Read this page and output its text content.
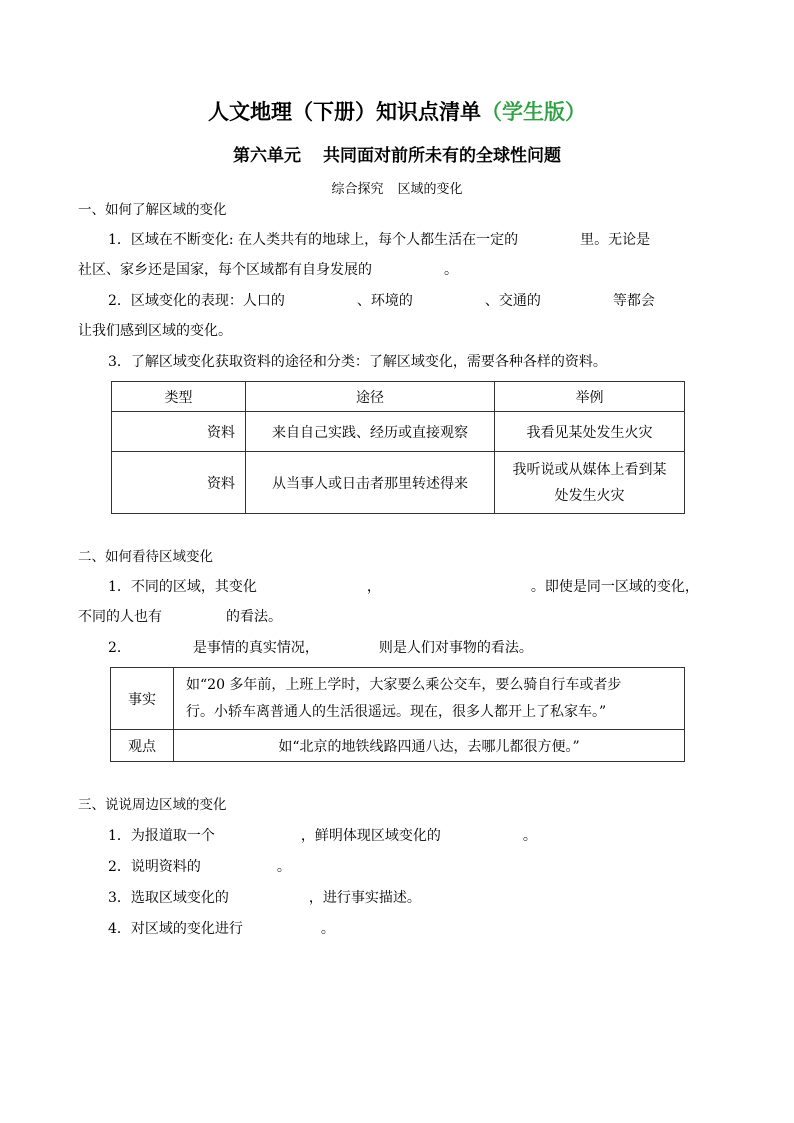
人文地理（下册）知识点清单（学生版）
第六单元 共同面对前所未有的全球性问题
综合探究 区域的变化
一、如何了解区域的变化
1．区域在不断变化: 在人类共有的地球上，每个人都生活在一定的	里。无论是
社区、家乡还是国家，每个区域都有自身发展的	。
2．区域变化的表现：人口的	、环境的	、交通的	等都会
让我们感到区域的变化。
3．了解区域变化获取资料的途径和分类：了解区域变化，需要各种各样的资料。
类型	途径	举例
资料	来自自己实践、经历或直接观察	我看见某处发生火灾
资料	从当事人或日击者那里转述得来	我听说或从媒体上看到某
处发生火灾
二、如何看待区域变化
1．不同的区域，其变化	，	。即使是同一区域的变化，
不同的人也有	的看法。
2．	是事情的真实情况，	则是人们对事物的看法。
事实	如“20 多年前，上班上学时，大家要么乘公交车，要么骑自行车或者步
行。小轿车离普通人的生活很遥远。现在，很多人都开上了私家车。”
观点	如“北京的地铁线路四通八达，去哪儿都很方便。”
三、说说周边区域的变化
1．为报道取一个	，鲜明体现区域变化的	。
2．说明资料的	。
3．选取区域变化的	，进行事实描述。
4．对区域的变化进行	。
